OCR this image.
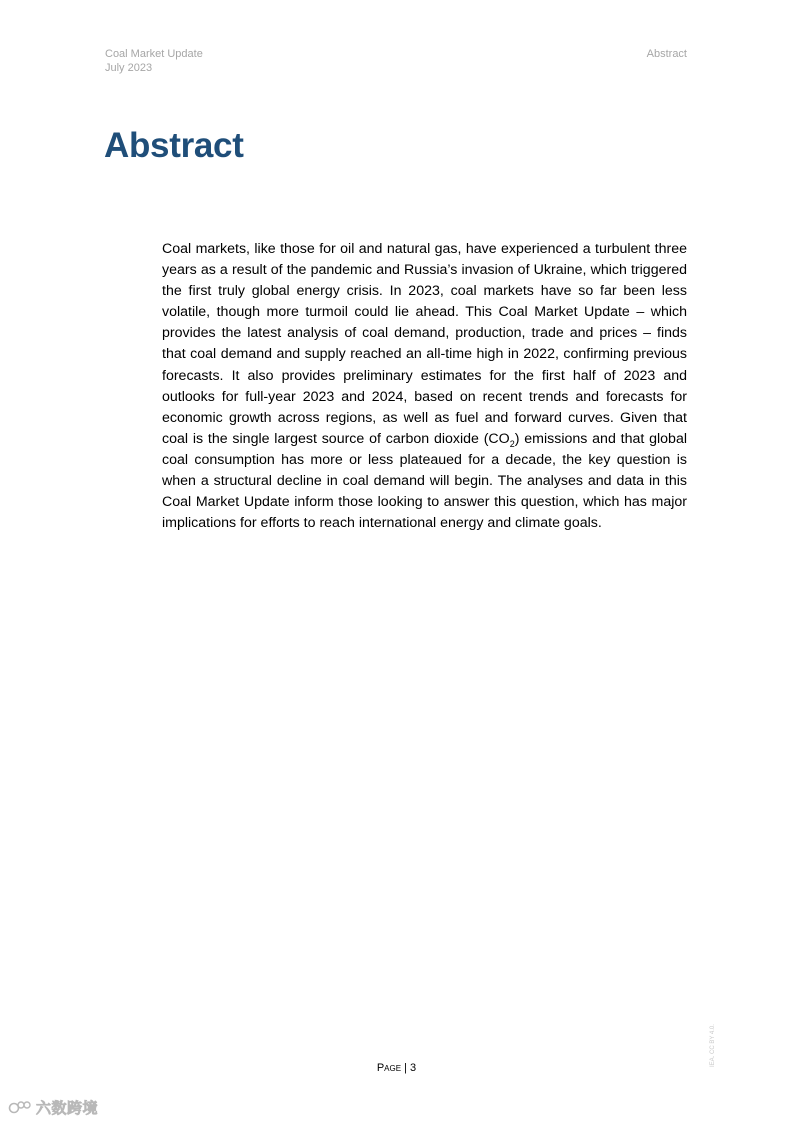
Coal Market Update
July 2023
Abstract
Abstract

Coal markets, like those for oil and natural gas, have experienced a turbulent three years as a result of the pandemic and Russia’s invasion of Ukraine, which triggered the first truly global energy crisis. In 2023, coal markets have so far been less volatile, though more turmoil could lie ahead. This Coal Market Update – which provides the latest analysis of coal demand, production, trade and prices – finds that coal demand and supply reached an all-time high in 2022, confirming previous forecasts. It also provides preliminary estimates for the first half of 2023 and outlooks for full-year 2023 and 2024, based on recent trends and forecasts for economic growth across regions, as well as fuel and forward curves. Given that coal is the single largest source of carbon dioxide $(CO_2)$ emissions and that global coal consumption has more or less plateaued for a decade, the key question is when a structural decline in coal demand will begin. The analyses and data in this Coal Market Update inform those looking to answer this question, which has major implications for efforts to reach international energy and climate goals.

Page | 3
IEA. CC BY 4.0.
六数跨境
